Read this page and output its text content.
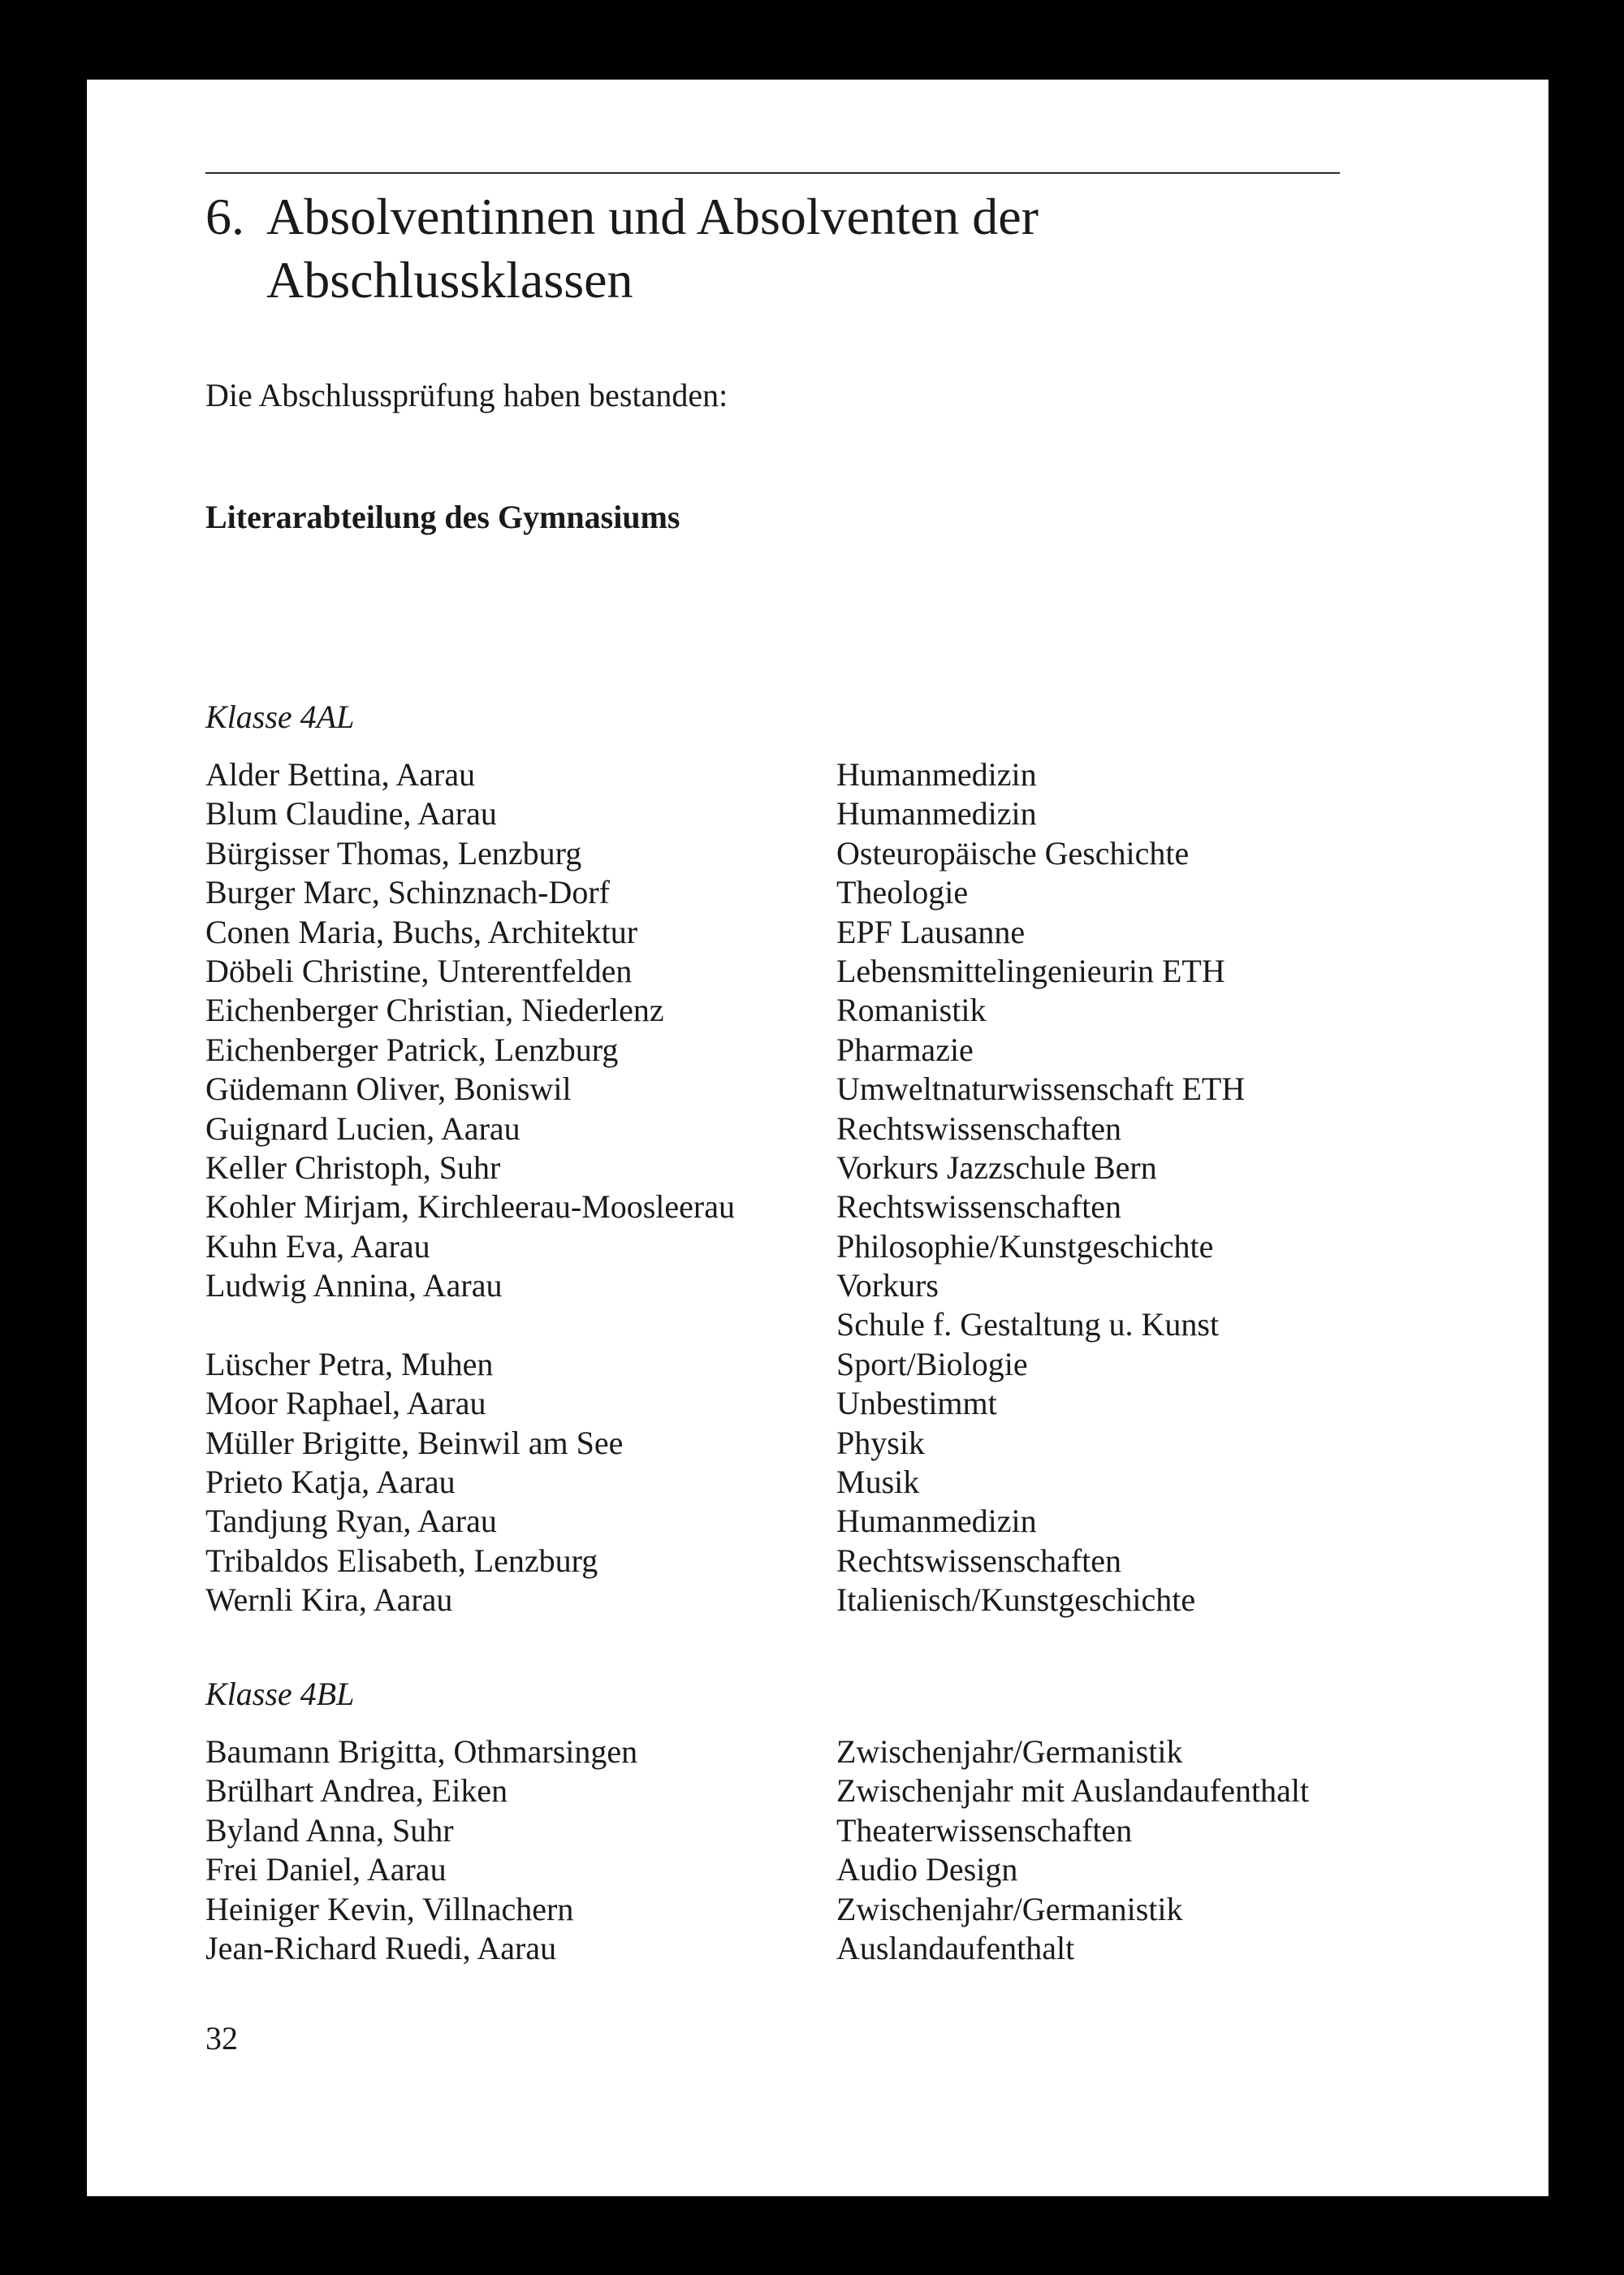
6. Absolventinnen und Absolventen der
Abschlussklassen
Die Abschlussprüfung haben bestanden:
Literarabteilung des Gymnasiums
Klasse 4AL
Alder Bettina, Aarau	Humanmedizin
Blum Claudine, Aarau	Humanmedizin
Bürgisser Thomas, Lenzburg	Osteuropäische Geschichte
Burger Marc, Schinznach-Dorf	Theologie
Conen Maria, Buchs, Architektur	EPF Lausanne
Döbeli Christine, Unterentfelden	Lebensmittelingenieurin ETH
Eichenberger Christian, Niederlenz	Romanistik
Eichenberger Patrick, Lenzburg	Pharmazie
Güdemann Oliver, Boniswil	Umweltnaturwissenschaft ETH
Guignard Lucien, Aarau	Rechtswissenschaften
Keller Christoph, Suhr	Vorkurs Jazzschule Bern
Kohler Mirjam, Kirchleerau-Moosleerau	Rechtswissenschaften
Kuhn Eva, Aarau	Philosophie/Kunstgeschichte
Ludwig Annina, Aarau	Vorkurs
Schule f. Gestaltung u. Kunst
Lüscher Petra, Muhen	Sport/Biologie
Moor Raphael, Aarau	Unbestimmt
Müller Brigitte, Beinwil am See	Physik
Prieto Katja, Aarau	Musik
Tandjung Ryan, Aarau	Humanmedizin
Tribaldos Elisabeth, Lenzburg	Rechtswissenschaften
Wernli Kira, Aarau	Italienisch/Kunstgeschichte
Klasse 4BL
Baumann Brigitta, Othmarsingen	Zwischenjahr/Germanistik
Brülhart Andrea, Eiken	Zwischenjahr mit Auslandaufenthalt
Byland Anna, Suhr	Theaterwissenschaften
Frei Daniel, Aarau	Audio Design
Heiniger Kevin, Villnachern	Zwischenjahr/Germanistik
Jean-Richard Ruedi, Aarau	Auslandaufenthalt
32
